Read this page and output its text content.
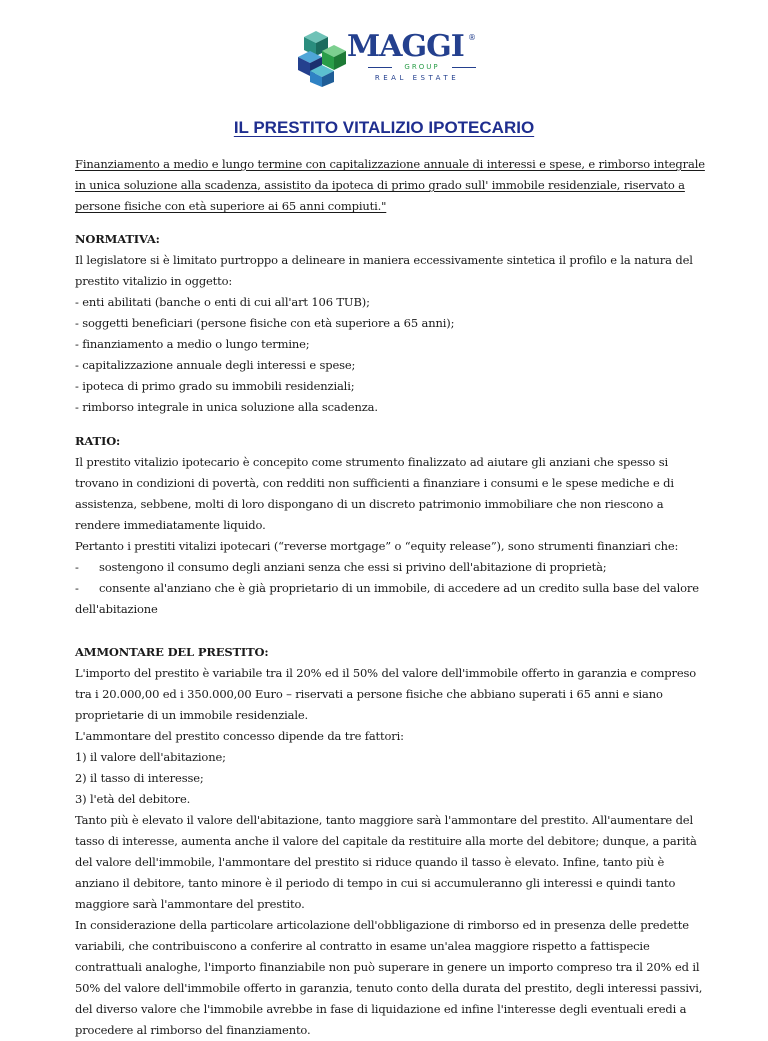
MAGGI ®
GROUP
REAL ESTATE
IL PRESTITO VITALIZIO IPOTECARIO

Finanziamento a medio e lungo termine con capitalizzazione annuale di interessi e spese, e rimborso integrale in unica soluzione alla scadenza, assistito da ipoteca di primo grado sull' immobile residenziale, riservato a persone fisiche con età superiore ai 65 anni compiuti."

NORMATIVA:

Il legislatore si è limitato purtroppo a delineare in maniera eccessivamente sintetica il profilo e la natura del prestito vitalizio in oggetto:

- enti abilitati (banche o enti di cui all'art 106 TUB);

- soggetti beneficiari (persone fisiche con età superiore a 65 anni);

- finanziamento a medio o lungo termine;

- capitalizzazione annuale degli interessi e spese;

- ipoteca di primo grado su immobili residenziali;

- rimborso integrale in unica soluzione alla scadenza.

RATIO:

Il prestito vitalizio ipotecario è concepito come strumento finalizzato ad aiutare gli anziani che spesso si trovano in condizioni di povertà, con redditi non sufficienti a finanziare i consumi e le spese mediche e di assistenza, sebbene, molti di loro dispongano di un discreto patrimonio immobiliare che non riescono a rendere immediatamente liquido.

Pertanto i prestiti vitalizi ipotecari (“reverse mortgage” o “equity release”), sono strumenti finanziari che:

-	sostengono il consumo degli anziani senza che essi si privino dell'abitazione di proprietà;
-	consente al'anziano che è già proprietario di un immobile, di accedere ad un credito sulla base del valore

dell'abitazione

AMMONTARE DEL PRESTITO:

L'importo del prestito è variabile tra il 20% ed il 50% del valore dell'immobile offerto in garanzia e compreso tra i 20.000,00 ed i 350.000,00 Euro – riservati a persone fisiche che abbiano superati i 65 anni e siano proprietarie di un immobile residenziale.

L'ammontare del prestito concesso dipende da tre fattori:

1) il valore dell'abitazione;

2) il tasso di interesse;

3) l'età del debitore.

Tanto più è elevato il valore dell'abitazione, tanto maggiore sarà l'ammontare del prestito. All'aumentare del tasso di interesse, aumenta anche il valore del capitale da restituire alla morte del debitore; dunque, a parità del valore dell'immobile, l'ammontare del prestito si riduce quando il tasso è elevato. Infine, tanto più è anziano il debitore, tanto minore è il periodo di tempo in cui si accumuleranno gli interessi e quindi tanto maggiore sarà l'ammontare del prestito.

In considerazione della particolare articolazione dell'obbligazione di rimborso ed in presenza delle predette variabili, che contribuiscono a conferire al contratto in esame un'alea maggiore rispetto a fattispecie contrattuali analoghe, l'importo finanziabile non può superare in genere un importo compreso tra il 20% ed il 50% del valore dell'immobile offerto in garanzia, tenuto conto della durata del prestito, degli interessi passivi, del diverso valore che l'immobile avrebbe in fase di liquidazione ed infine l'interesse degli eventuali eredi a procedere al rimborso del finanziamento.
